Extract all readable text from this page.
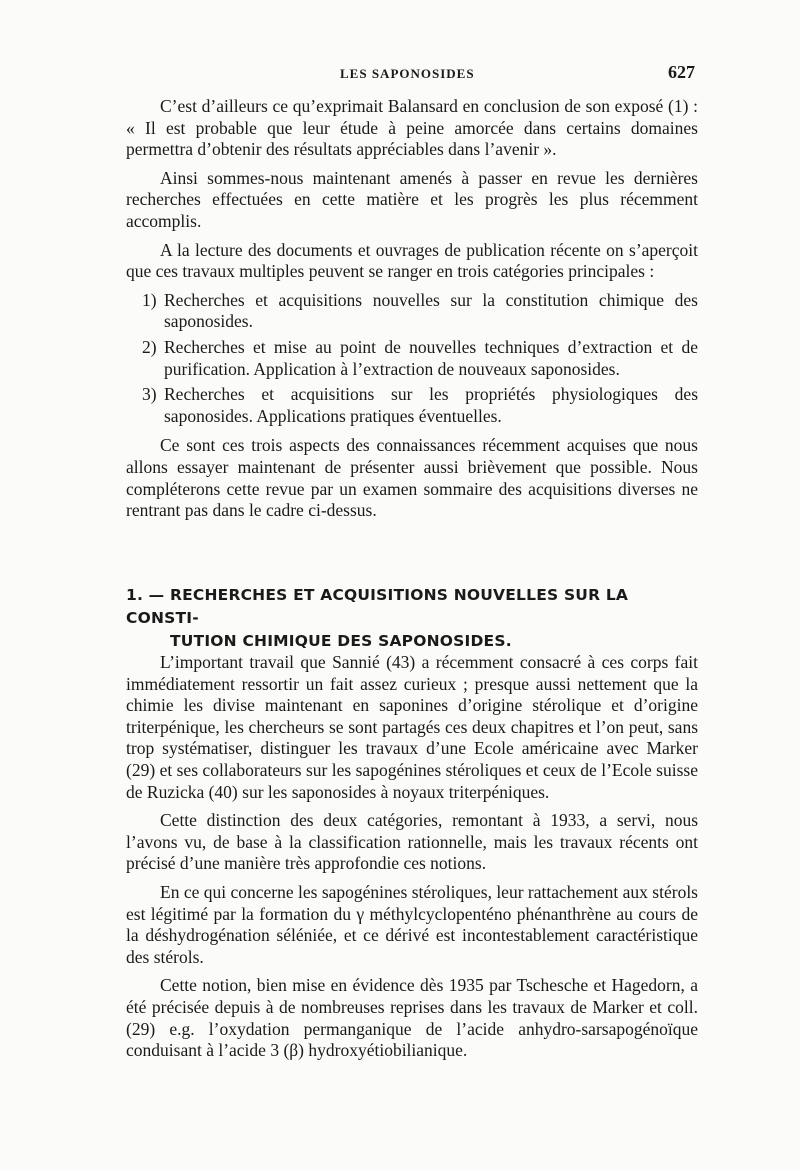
LES SAPONOSIDES	627

C’est d’ailleurs ce qu’exprimait Balansard en conclusion de son exposé (1) : « Il est probable que leur étude à peine amorcée dans certains domaines permettra d’obtenir des résultats appréciables dans l’avenir ».

Ainsi sommes-nous maintenant amenés à passer en revue les dernières recherches effectuées en cette matière et les progrès les plus récemment accomplis.

A la lecture des documents et ouvrages de publication récente on s’aperçoit que ces travaux multiples peuvent se ranger en trois catégories principales :

1) Recherches et acquisitions nouvelles sur la constitution chimique des saponosides.
2) Recherches et mise au point de nouvelles techniques d’extraction et de purification. Application à l’extraction de nouveaux saponosides.
3) Recherches et acquisitions sur les propriétés physiologiques des saponosides. Applications pratiques éventuelles.

Ce sont ces trois aspects des connaissances récemment acquises que nous allons essayer maintenant de présenter aussi brièvement que possible. Nous compléterons cette revue par un examen sommaire des acquisitions diverses ne rentrant pas dans le cadre ci-dessus.

1. — RECHERCHES ET ACQUISITIONS NOUVELLES SUR LA CONSTI-
TUTION CHIMIQUE DES SAPONOSIDES.

L’important travail que Sannié (43) a récemment consacré à ces corps fait immédiatement ressortir un fait assez curieux ; presque aussi nettement que la chimie les divise maintenant en saponines d’origine stérolique et d’origine triterpénique, les chercheurs se sont partagés ces deux chapitres et l’on peut, sans trop systématiser, distinguer les travaux d’une Ecole américaine avec Marker (29) et ses collaborateurs sur les sapogénines stéroliques et ceux de l’Ecole suisse de Ruzicka (40) sur les saponosides à noyaux triterpéniques.

Cette distinction des deux catégories, remontant à 1933, a servi, nous l’avons vu, de base à la classification rationnelle, mais les travaux récents ont précisé d’une manière très approfondie ces notions.

En ce qui concerne les sapogénines stéroliques, leur rattachement aux stérols est légitimé par la formation du γ méthylcyclopenténo phénanthrène au cours de la déshydrogénation séléniée, et ce dérivé est incontestablement caractéristique des stérols.

Cette notion, bien mise en évidence dès 1935 par Tschesche et Hagedorn, a été précisée depuis à de nombreuses reprises dans les travaux de Marker et coll. (29) e.g. l’oxydation permanganique de l’acide anhydro-sarsapogénoïque conduisant à l’acide 3 (β) hydroxyétiobilianique.
